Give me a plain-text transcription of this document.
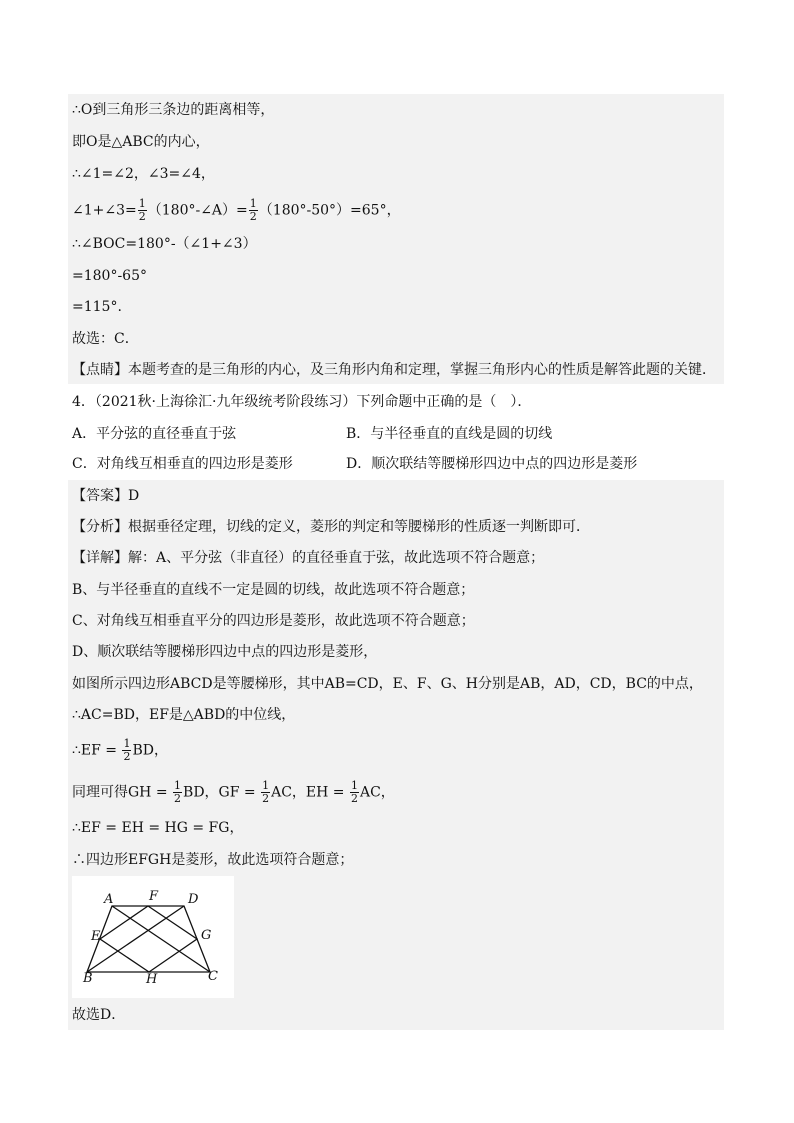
∴O到三角形三条边的距离相等，
即O是△ABC的内心，
∴∠1=∠2，∠3=∠4，
∠1+∠3= $\frac{1}{2}$ （180°-∠A）= $\frac{1}{2} (180^\circ-50^\circ)=65^\circ$，
∴∠BOC=180°-（∠1+∠3）
=180°-65°
=115°.
故选：C．
【点睛】本题考查的是三角形的内心，及三角形内角和定理，掌握三角形内心的性质是解答此题的关键．
4．（2021秋·上海徐汇·九年级统考阶段练习）下列命题中正确的是（　）．
A．平分弦的直径垂直于弦	B．与半径垂直的直线是圆的切线
C．对角线互相垂直的四边形是菱形	D．顺次联结等腰梯形四边中点的四边形是菱形
【答案】D
【分析】根据垂径定理，切线的定义，菱形的判定和等腰梯形的性质逐一判断即可．
【详解】解：A、平分弦（非直径）的直径垂直于弦，故此选项不符合题意；
B、与半径垂直的直线不一定是圆的切线，故此选项不符合题意；
C、对角线互相垂直平分的四边形是菱形，故此选项不符合题意；
D、顺次联结等腰梯形四边中点的四边形是菱形，
如图所示四边形ABCD是等腰梯形，其中AB=CD，E、F、G、H分别是AB，AD，CD，BC的中点，
∴AC=BD，EF是△ABD的中位线，
∴EF = $\frac{1}{2}$ BD，
同理可得GH = $\frac{1}{2}$ BD，GF = $\frac{1}{2}$ AC，EH = $\frac{1}{2}$ AC，
∴EF = EH = HG = FG，
∴四边形EFGH是菱形，故此选项符合题意；
A	F D
E	G
B	H	C
故选D．
